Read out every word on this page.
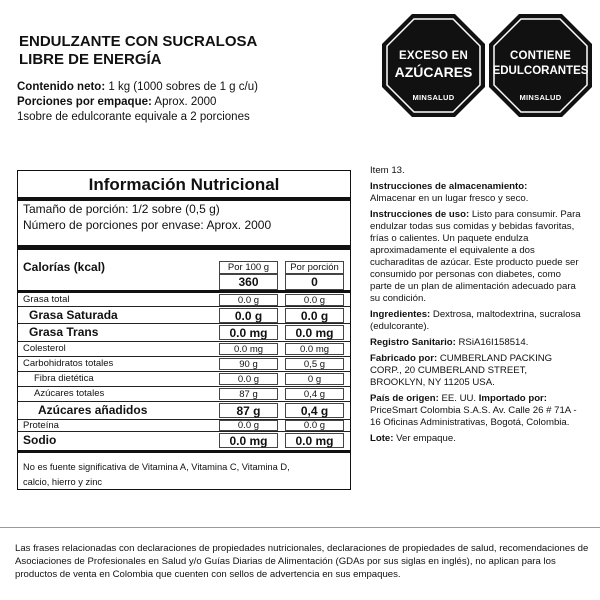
ENDULZANTE CON SUCRALOSA
LIBRE DE ENERGÍA
Contenido neto: 1 kg (1000 sobres de 1 g c/u)
Porciones por empaque: Aprox. 2000
1sobre de edulcorante equivale a 2 porciones
EXCESO EN
AZÚCARES
MINSALUD
CONTIENE
EDULCORANTES
MINSALUD
Información Nutricional
Tamaño de porción: 1/2 sobre (0,5 g)
Número de porciones por envase: Aprox. 2000
Calorías (kcal)	Por 100 g	Por porción
360	0
Grasa total	0.0 g	0.0 g
Grasa Saturada	0.0 g	0.0 g
Grasa Trans	0.0 mg	0.0 mg
Colesterol	0.0 mg	0.0 mg
Carbohidratos totales	90 g	0,5 g
Fibra dietética	0.0 g	0 g
Azúcares totales	87 g	0,4 g
Azúcares añadidos	87 g	0,4 g
Proteína	0.0 g	0.0 g
Sodio	0.0 mg	0.0 mg
No es fuente significativa de Vitamina A, Vitamina C, Vitamina D,
calcio, hierro y zinc

Item 13.

Instrucciones de almacenamiento:
Almacenar en un lugar fresco y seco.

Instrucciones de uso: Listo para consumir. Para endulzar todas sus comidas y bebidas favoritas, frías o calientes. Un paquete endulza aproximadamente el equivalente a dos cucharaditas de azúcar. Este producto puede ser consumido por personas con diabetes, como parte de un plan de alimentación adecuado para su condición.

Ingredientes: Dextrosa, maltodextrina, sucralosa (edulcorante).

Registro Sanitario: RSiA16I158514.

Fabricado por: CUMBERLAND PACKING CORP., 20 CUMBERLAND STREET, BROOKLYN, NY 11205 USA.

País de origen: EE. UU. Importado por: PriceSmart Colombia S.A.S. Av. Calle 26 # 71A - 16 Oficinas Administrativas, Bogotá, Colombia.

Lote: Ver empaque.

Las frases relacionadas con declaraciones de propiedades nutricionales, declaraciones de propiedades de salud, recomendaciones de Asociaciones de Profesionales en Salud y/o Guías Diarias de Alimentación (GDAs por sus siglas en inglés), no aplican para los productos de venta en Colombia que cuenten con sellos de advertencia en sus empaques.
